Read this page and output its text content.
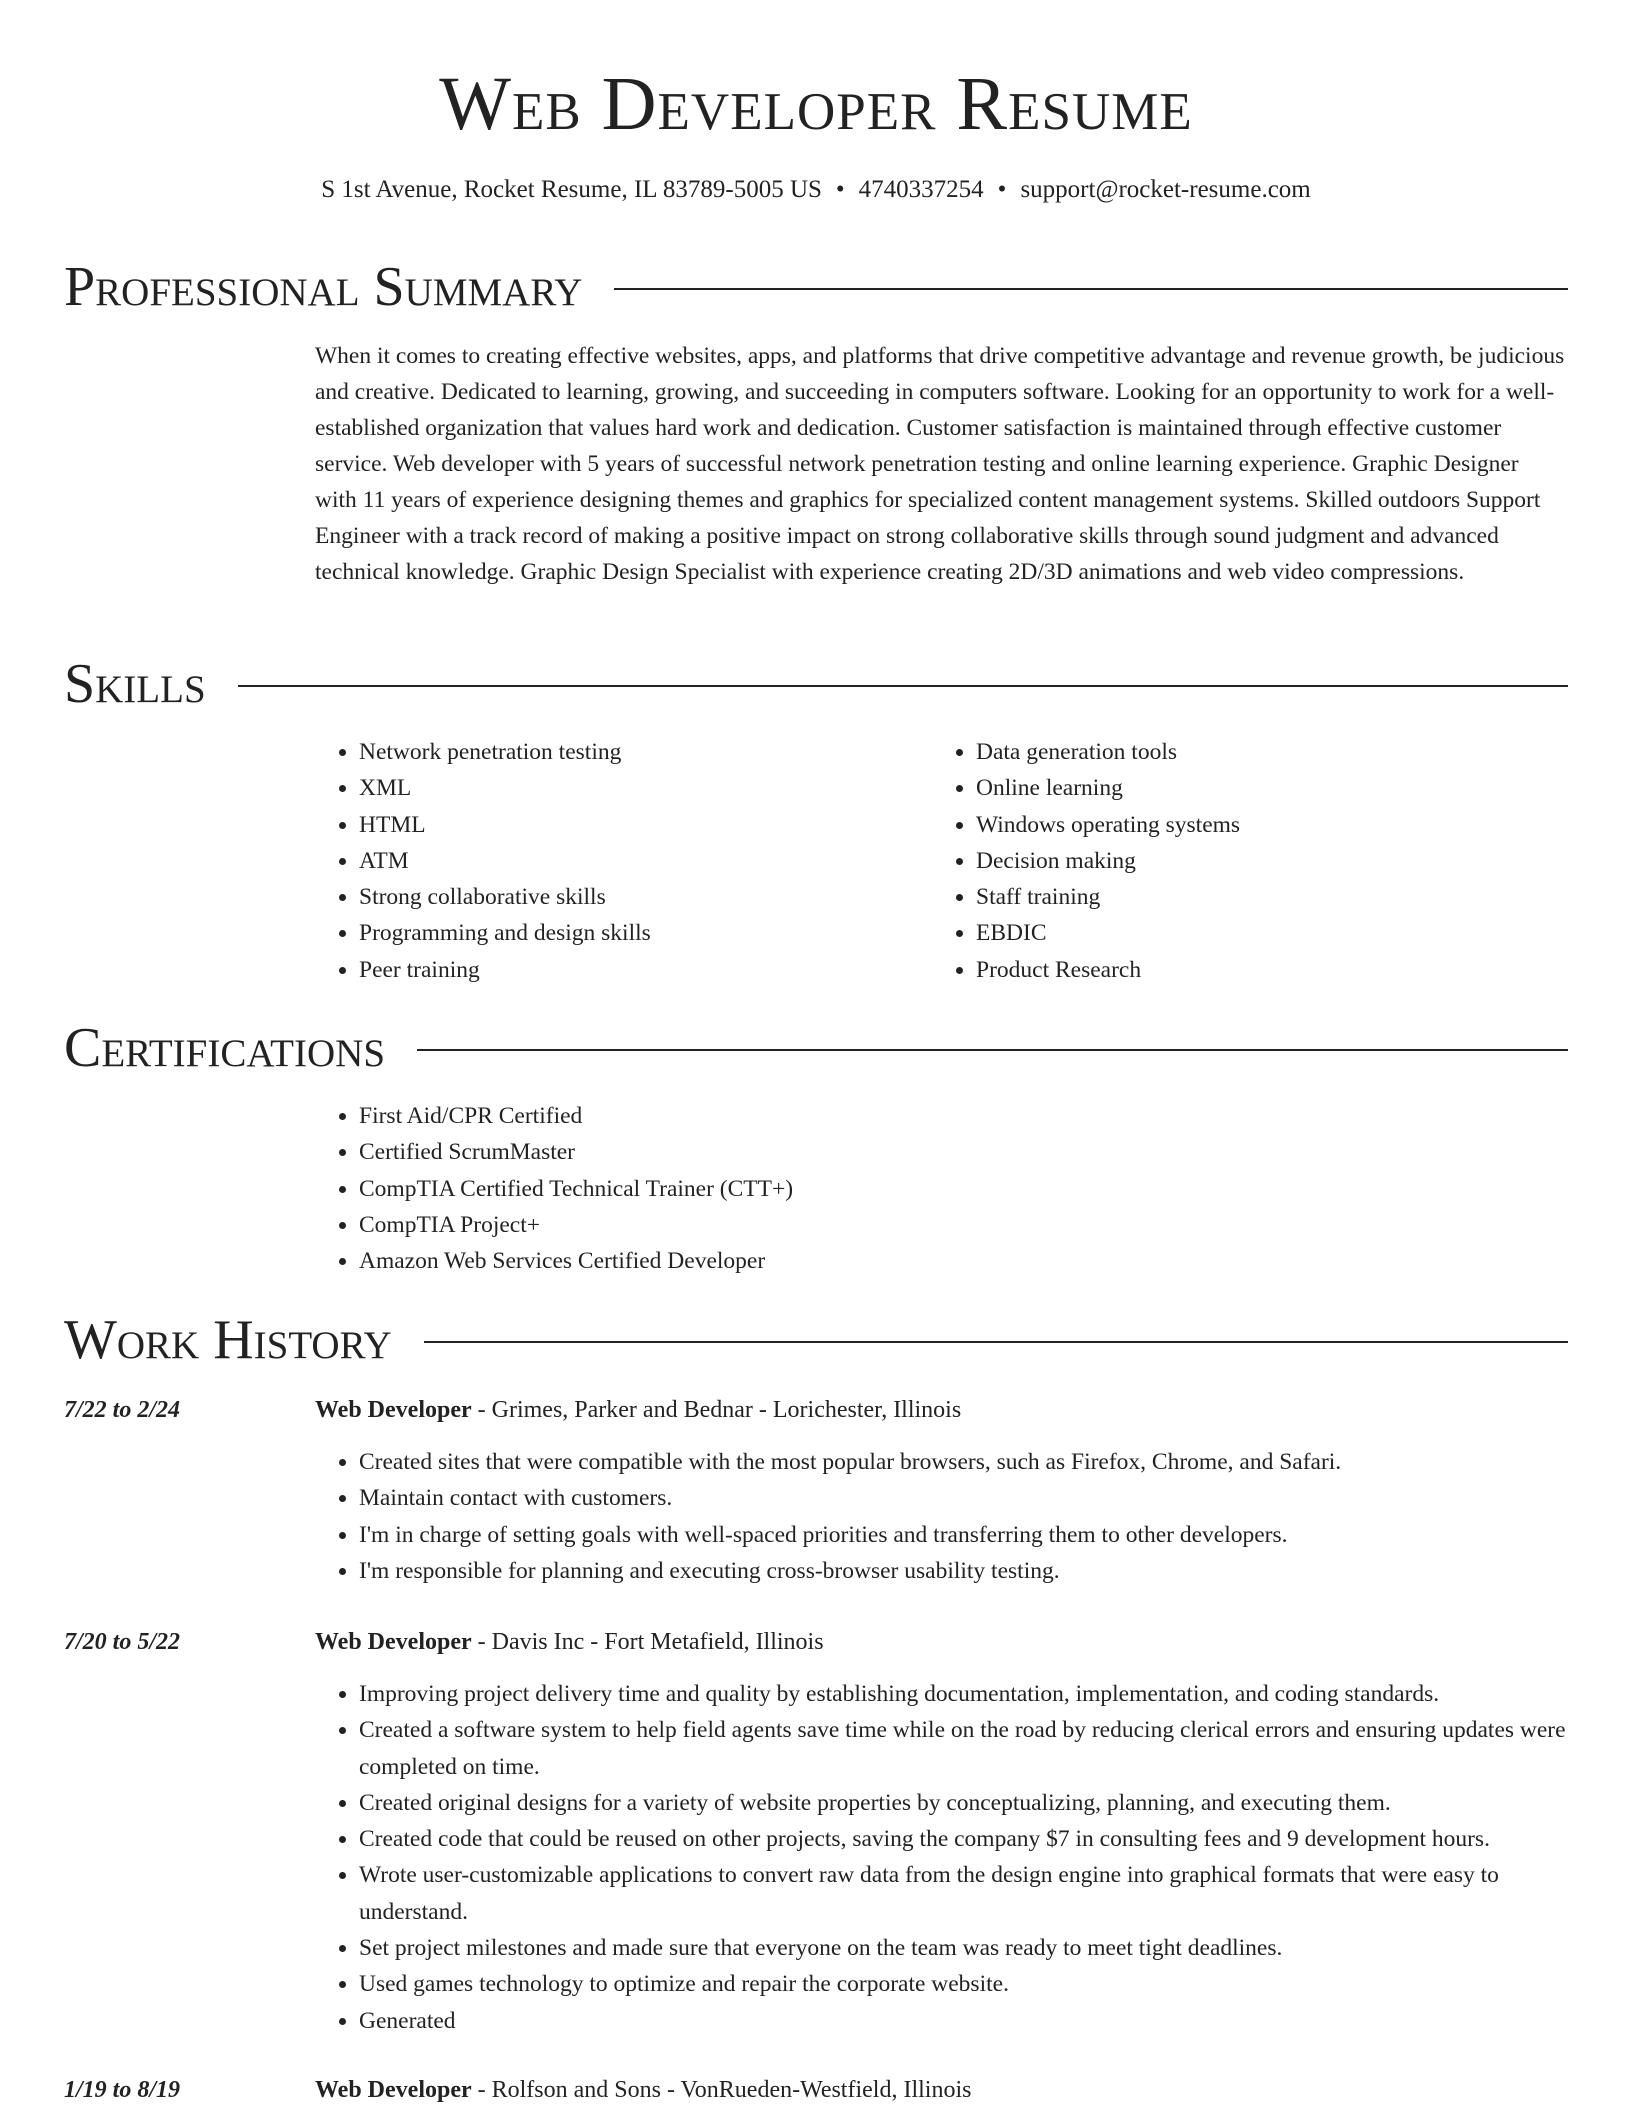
Web Developer Resume
S 1st Avenue, Rocket Resume, IL 83789-5005 US • 4740337254 • support@rocket-resume.com
Professional Summary
When it comes to creating effective websites, apps, and platforms that drive competitive advantage and revenue growth, be judicious and creative. Dedicated to learning, growing, and succeeding in computers software. Looking for an opportunity to work for a well-established organization that values hard work and dedication. Customer satisfaction is maintained through effective customer service. Web developer with 5 years of successful network penetration testing and online learning experience. Graphic Designer with 11 years of experience designing themes and graphics for specialized content management systems. Skilled outdoors Support Engineer with a track record of making a positive impact on strong collaborative skills through sound judgment and advanced technical knowledge. Graphic Design Specialist with experience creating 2D/3D animations and web video compressions.
Skills
• Network penetration testing
• XML
• HTML
• ATM
• Strong collaborative skills
• Programming and design skills
• Peer training
• Data generation tools
• Online learning
• Windows operating systems
• Decision making
• Staff training
• EBDIC
• Product Research
Certifications
• First Aid/CPR Certified
• Certified ScrumMaster
• CompTIA Certified Technical Trainer (CTT+)
• CompTIA Project+
• Amazon Web Services Certified Developer
Work History
7/22 to 2/24	Web Developer - Grimes, Parker and Bednar - Lorichester, Illinois
• Created sites that were compatible with the most popular browsers, such as Firefox, Chrome, and Safari.
• Maintain contact with customers.
• I'm in charge of setting goals with well-spaced priorities and transferring them to other developers.
• I'm responsible for planning and executing cross-browser usability testing.
7/20 to 5/22	Web Developer - Davis Inc - Fort Metafield, Illinois
• Improving project delivery time and quality by establishing documentation, implementation, and coding standards.
• Created a software system to help field agents save time while on the road by reducing clerical errors and ensuring updates were completed on time.
• Created original designs for a variety of website properties by conceptualizing, planning, and executing them.
• Created code that could be reused on other projects, saving the company $7 in consulting fees and 9 development hours.
• Wrote user-customizable applications to convert raw data from the design engine into graphical formats that were easy to understand.
• Set project milestones and made sure that everyone on the team was ready to meet tight deadlines.
• Used games technology to optimize and repair the corporate website.
• Generated
1/19 to 8/19	Web Developer - Rolfson and Sons - VonRueden-Westfield, Illinois
